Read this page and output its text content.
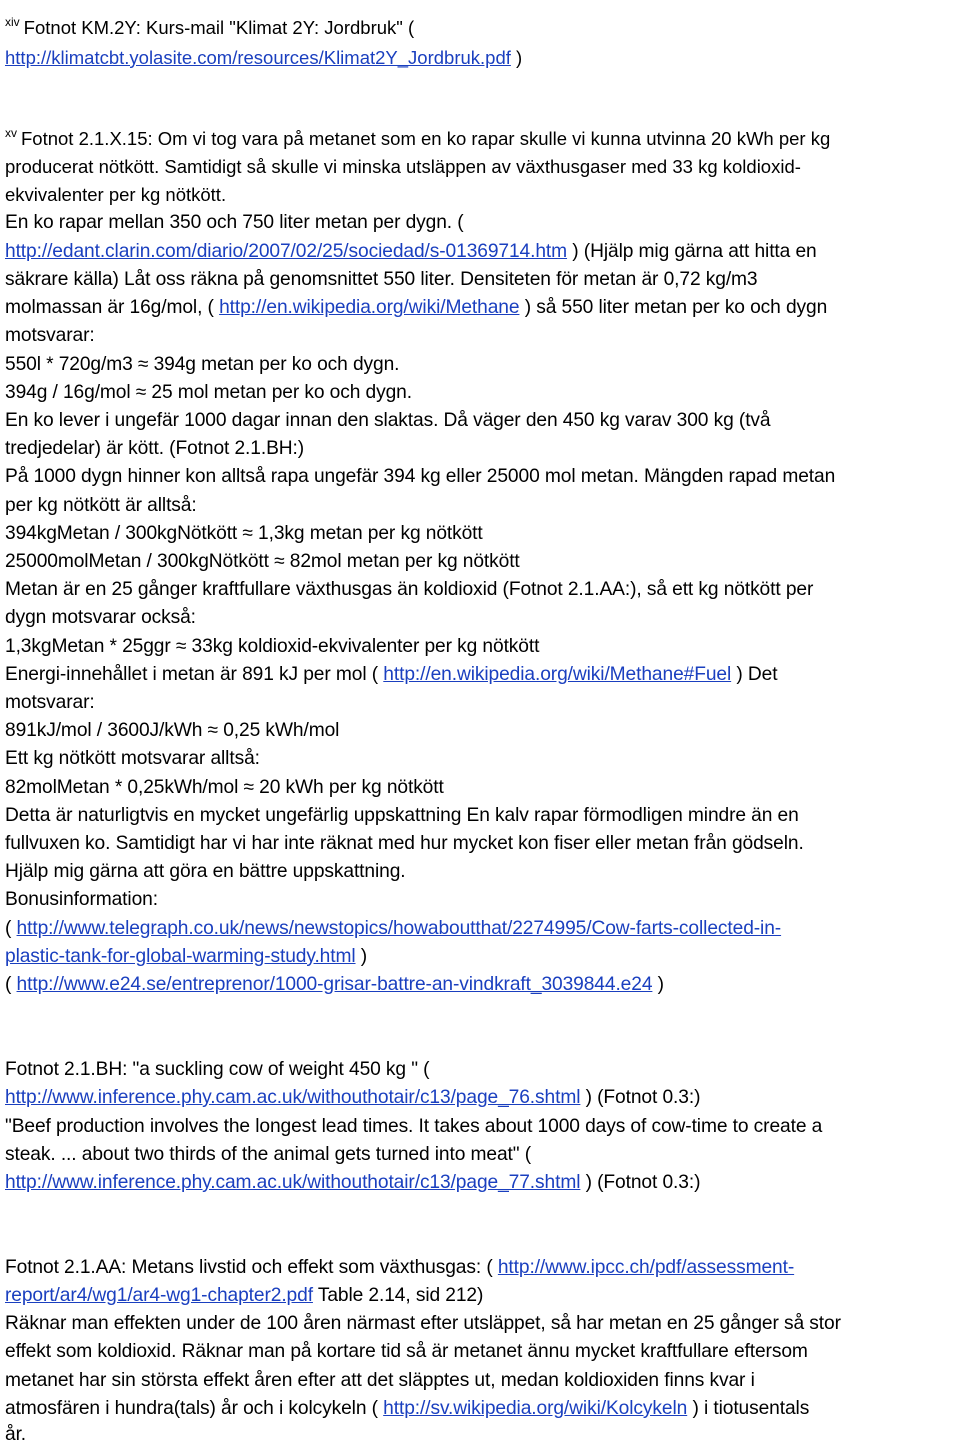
$^{xiv}$ Fotnot KM.2Y: Kurs-mail "Klimat 2Y: Jordbruk" (
http://klimatcbt.yolasite.com/resources/Klimat2Y_Jordbruk.pdf )
$^{xv}$ Fotnot 2.1.X.15: Om vi tog vara på metanet som en ko rapar skulle vi kunna utvinna 20 kWh per kg
producerat nötkött. Samtidigt så skulle vi minska utsläppen av växthusgaser med 33 kg koldioxid-
ekvivalenter per kg nötkött.
En ko rapar mellan 350 och 750 liter metan per dygn. (
http://edant.clarin.com/diario/2007/02/25/sociedad/s-01369714.htm ) (Hjälp mig gärna att hitta en
säkrare källa) Låt oss räkna på genomsnittet 550 liter. Densiteten för metan är 0,72 kg/m3
molmassan är 16g/mol, ( http://en.wikipedia.org/wiki/Methane ) så 550 liter metan per ko och dygn
motsvarar:
550l * 720g/m3 ≈ 394g metan per ko och dygn.
394g / 16g/mol ≈ 25 mol metan per ko och dygn.
En ko lever i ungefär 1000 dagar innan den slaktas. Då väger den 450 kg varav 300 kg (två
tredjedelar) är kött. (Fotnot 2.1.BH:)
På 1000 dygn hinner kon alltså rapa ungefär 394 kg eller 25000 mol metan. Mängden rapad metan
per kg nötkött är alltså:
394kgMetan / 300kgNötkött ≈ 1,3kg metan per kg nötkött
25000molMetan / 300kgNötkött ≈ 82mol metan per kg nötkött
Metan är en 25 gånger kraftfullare växthusgas än koldioxid (Fotnot 2.1.AA:), så ett kg nötkött per
dygn motsvarar också:
1,3kgMetan * 25ggr ≈ 33kg koldioxid-ekvivalenter per kg nötkött
Energi-innehållet i metan är 891 kJ per mol ( http://en.wikipedia.org/wiki/Methane#Fuel ) Det
motsvarar:
891kJ/mol / 3600J/kWh ≈ 0,25 kWh/mol
Ett kg nötkött motsvarar alltså:
82molMetan * 0,25kWh/mol ≈ 20 kWh per kg nötkött
Detta är naturligtvis en mycket ungefärlig uppskattning En kalv rapar förmodligen mindre än en
fullvuxen ko. Samtidigt har vi har inte räknat med hur mycket kon fiser eller metan från gödseln.
Hjälp mig gärna att göra en bättre uppskattning.
Bonusinformation:
( http://www.telegraph.co.uk/news/newstopics/howaboutthat/2274995/Cow-farts-collected-in-
plastic-tank-for-global-warming-study.html )
( http://www.e24.se/entreprenor/1000-grisar-battre-an-vindkraft_3039844.e24 )
Fotnot 2.1.BH: "a suckling cow of weight 450 kg " (
http://www.inference.phy.cam.ac.uk/withouthotair/c13/page_76.shtml ) (Fotnot 0.3:)
"Beef production involves the longest lead times. It takes about 1000 days of cow-time to create a
steak. ... about two thirds of the animal gets turned into meat" (
http://www.inference.phy.cam.ac.uk/withouthotair/c13/page_77.shtml ) (Fotnot 0.3:)
Fotnot 2.1.AA: Metans livstid och effekt som växthusgas: ( http://www.ipcc.ch/pdf/assessment-
report/ar4/wg1/ar4-wg1-chapter2.pdf Table 2.14, sid 212)
Räknar man effekten under de 100 åren närmast efter utsläppet, så har metan en 25 gånger så stor
effekt som koldioxid. Räknar man på kortare tid så är metanet ännu mycket kraftfullare eftersom
metanet har sin största effekt åren efter att det släpptes ut, medan koldioxiden finns kvar i
atmosfären i hundra(tals) år och i kolcykeln ( http://sv.wikipedia.org/wiki/Kolcykeln ) i tiotusentals
år.
